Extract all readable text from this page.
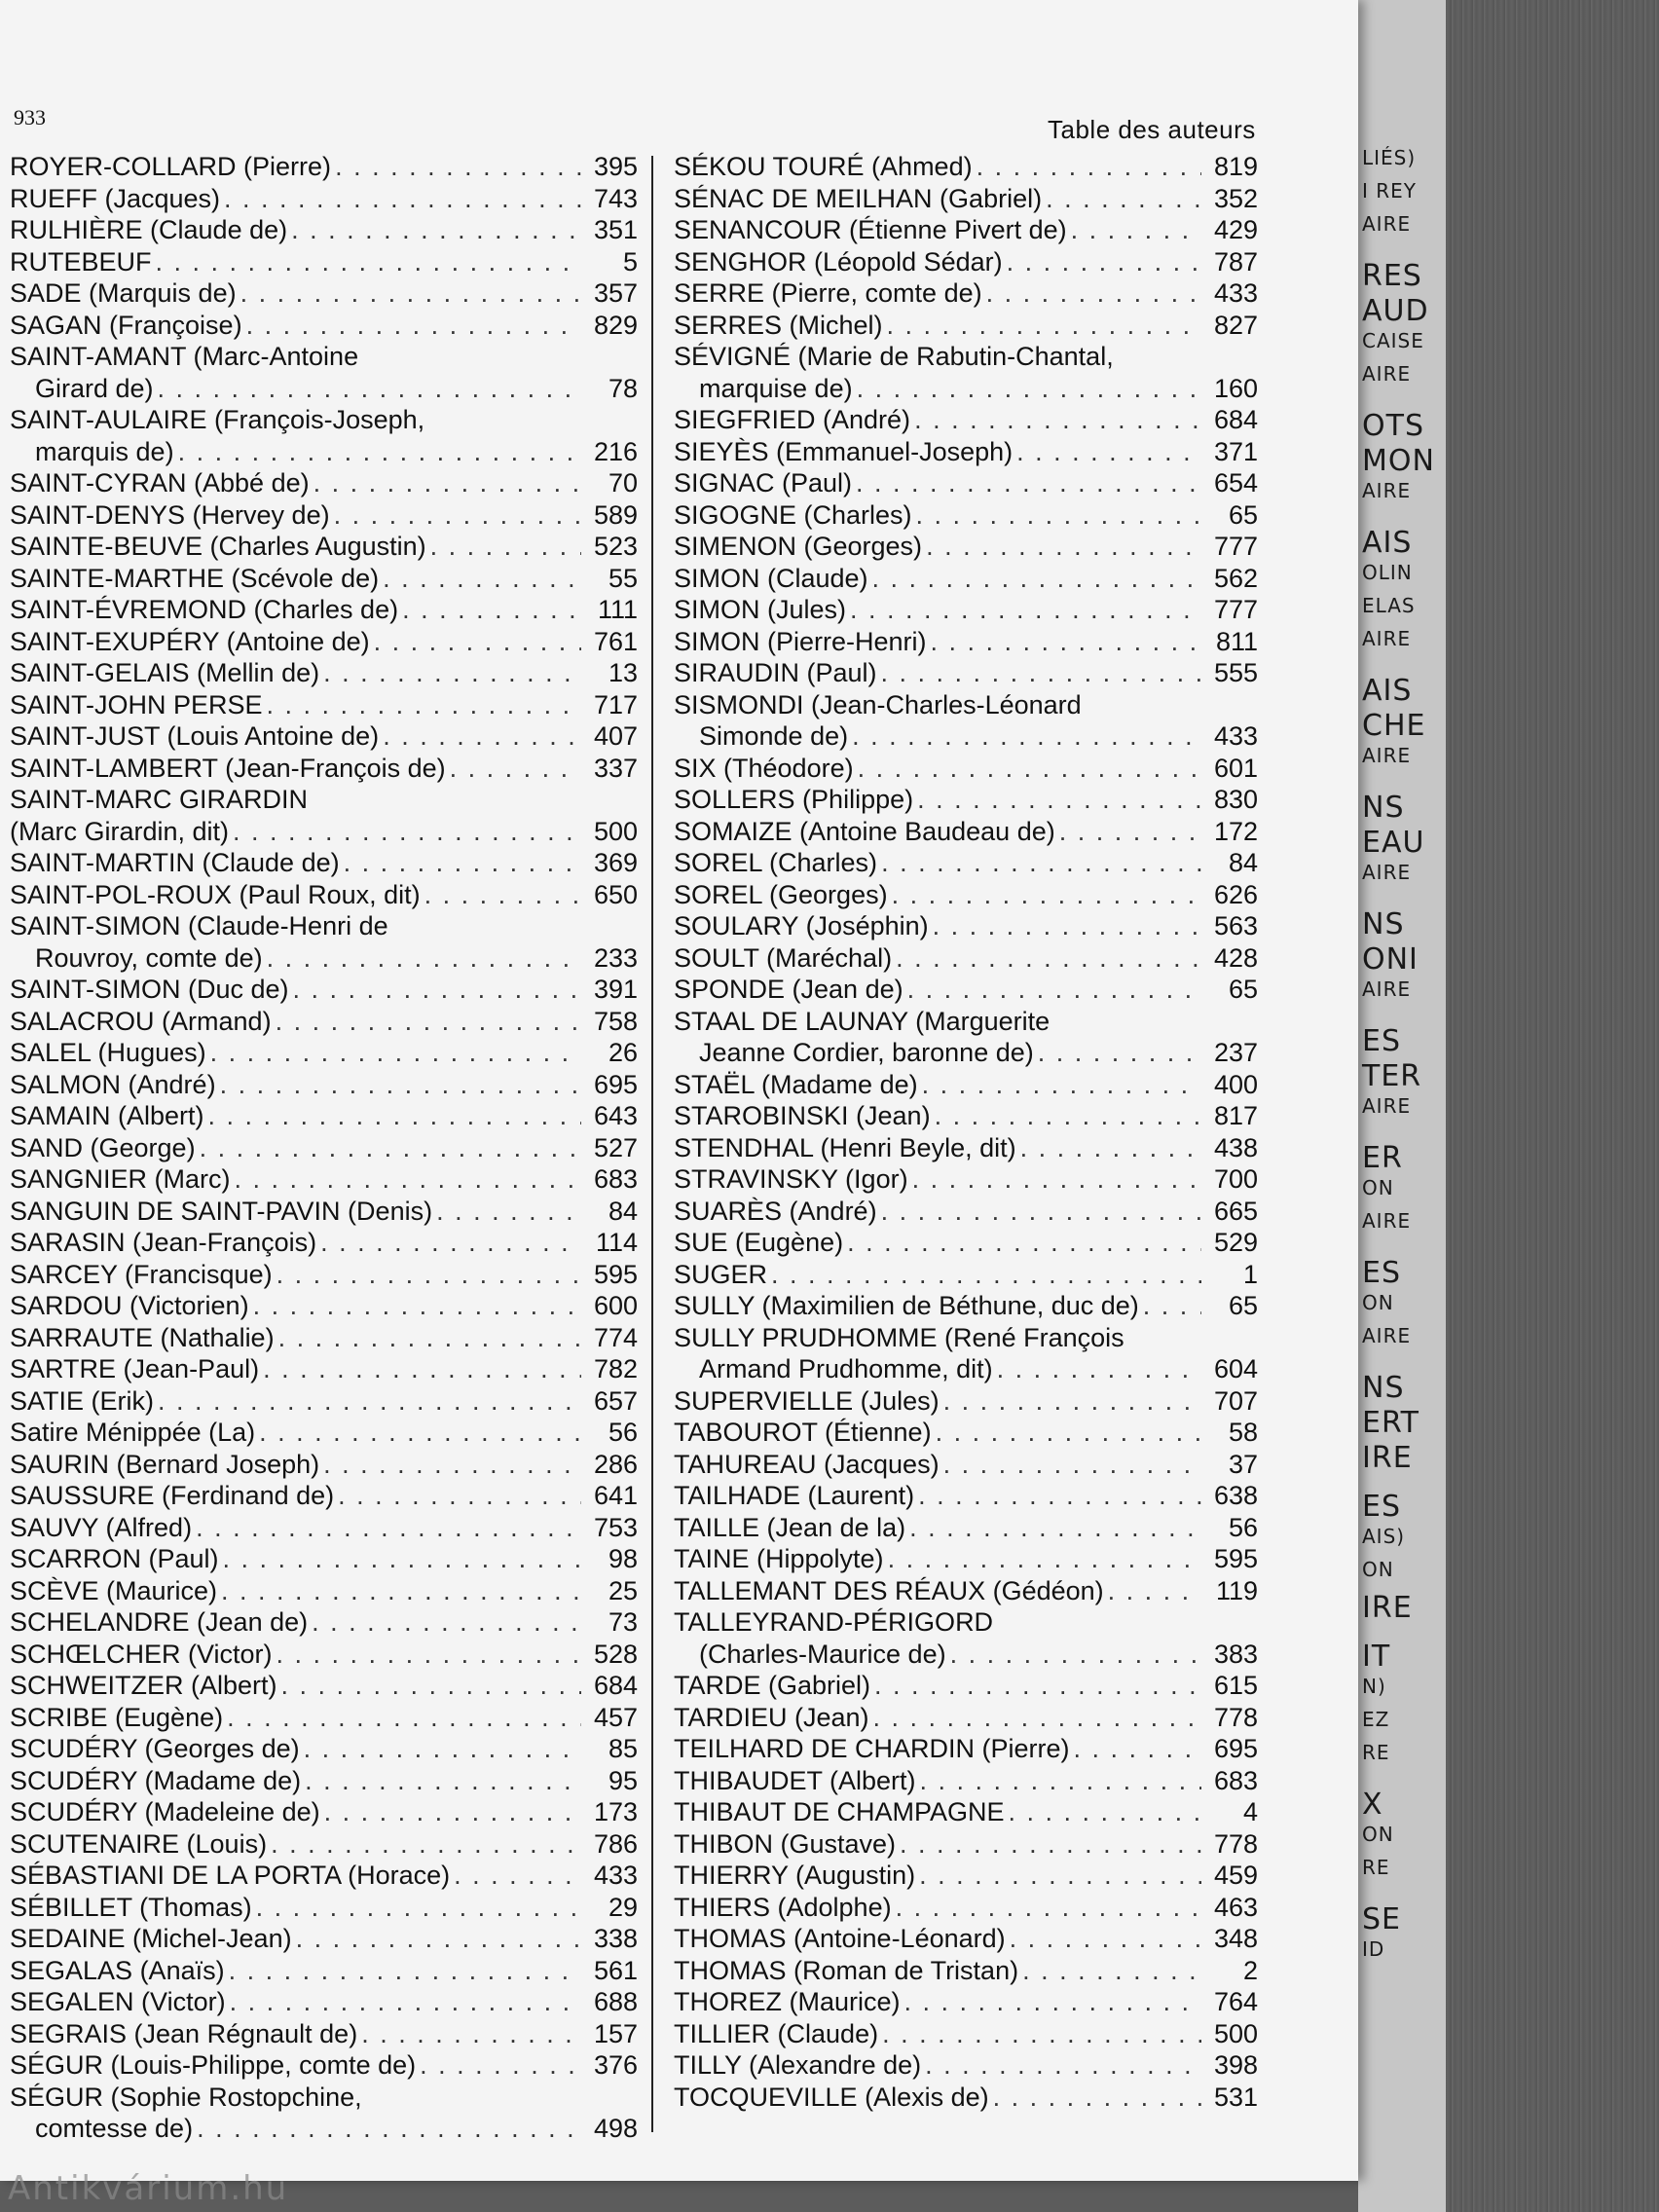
LIÉS)
I REY
AIRE
RES
AUD
CAISE
AIRE
OTS
MON
AIRE
AIS
OLIN
ELAS
AIRE
AIS
CHE
AIRE
NS
EAU
AIRE
NS
ONI
AIRE
ES
TER
AIRE
ER
ON
AIRE
ES
ON
AIRE
NS
ERT
IRE
ES
AIS)
ON
IRE
IT
N)
EZ
RE
X
ON
RE
SE
ID
933	Table des auteurs
ROYER-COLLARD (Pierre) . . .	395
RUEFF (Jacques) . . .	743
RULHIÈRE (Claude de) . . .	351
RUTEBEUF . . .	5
SADE (Marquis de) . . .	357
SAGAN (Françoise) . . .	829
SAINT-AMANT (Marc-Antoine
Girard de) . . .	78
SAINT-AULAIRE (François-Joseph,
marquis de) . . .	216
SAINT-CYRAN (Abbé de) . . .	70
SAINT-DENYS (Hervey de) . . .	589
SAINTE-BEUVE (Charles Augustin) . . .	523
SAINTE-MARTHE (Scévole de) . . .	55
SAINT-ÉVREMOND (Charles de) . . .	111
SAINT-EXUPÉRY (Antoine de) . . .	761
SAINT-GELAIS (Mellin de) . . .	13
SAINT-JOHN PERSE . . .	717
SAINT-JUST (Louis Antoine de) . . .	407
SAINT-LAMBERT (Jean-François de) . . .	337
SAINT-MARC GIRARDIN
(Marc Girardin, dit) . . .	500
SAINT-MARTIN (Claude de) . . .	369
SAINT-POL-ROUX (Paul Roux, dit) . . .	650
SAINT-SIMON (Claude-Henri de
Rouvroy, comte de) . . .	233
SAINT-SIMON (Duc de) . . .	391
SALACROU (Armand) . . .	758
SALEL (Hugues) . . .	26
SALMON (André) . . .	695
SAMAIN (Albert) . . .	643
SAND (George) . . .	527
SANGNIER (Marc) . . .	683
SANGUIN DE SAINT-PAVIN (Denis) . . .	84
SARASIN (Jean-François) . . .	114
SARCEY (Francisque) . . .	595
SARDOU (Victorien) . . .	600
SARRAUTE (Nathalie) . . .	774
SARTRE (Jean-Paul) . . .	782
SATIE (Erik) . . .	657
Satire Ménippée (La) . . .	56
SAURIN (Bernard Joseph) . . .	286
SAUSSURE (Ferdinand de) . . .	641
SAUVY (Alfred) . . .	753
SCARRON (Paul) . . .	98
SCÈVE (Maurice) . . .	25
SCHELANDRE (Jean de) . . .	73
SCHŒLCHER (Victor) . . .	528
SCHWEITZER (Albert) . . .	684
SCRIBE (Eugène) . . .	457
SCUDÉRY (Georges de) . . .	85
SCUDÉRY (Madame de) . . .	95
SCUDÉRY (Madeleine de) . . .	173
SCUTENAIRE (Louis) . . .	786
SÉBASTIANI DE LA PORTA (Horace) . . .	433
SÉBILLET (Thomas) . . .	29
SEDAINE (Michel-Jean) . . .	338
SEGALAS (Anaïs) . . .	561
SEGALEN (Victor) . . .	688
SEGRAIS (Jean Régnault de) . . .	157
SÉGUR (Louis-Philippe, comte de) . . .	376
SÉGUR (Sophie Rostopchine,
comtesse de) . . .	498
SÉKOU TOURÉ (Ahmed) . . .	819
SÉNAC DE MEILHAN (Gabriel) . . .	352
SENANCOUR (Étienne Pivert de) . . .	429
SENGHOR (Léopold Sédar) . . .	787
SERRE (Pierre, comte de) . . .	433
SERRES (Michel) . . .	827
SÉVIGNÉ (Marie de Rabutin-Chantal,
marquise de) . . .	160
SIEGFRIED (André) . . .	684
SIEYÈS (Emmanuel-Joseph) . . .	371
SIGNAC (Paul) . . .	654
SIGOGNE (Charles) . . .	65
SIMENON (Georges) . . .	777
SIMON (Claude) . . .	562
SIMON (Jules) . . .	777
SIMON (Pierre-Henri) . . .	811
SIRAUDIN (Paul) . . .	555
SISMONDI (Jean-Charles-Léonard
Simonde de) . . .	433
SIX (Théodore) . . .	601
SOLLERS (Philippe) . . .	830
SOMAIZE (Antoine Baudeau de) . . .	172
SOREL (Charles) . . .	84
SOREL (Georges) . . .	626
SOULARY (Joséphin) . . .	563
SOULT (Maréchal) . . .	428
SPONDE (Jean de) . . .	65
STAAL DE LAUNAY (Marguerite
Jeanne Cordier, baronne de) . . .	237
STAËL (Madame de) . . .	400
STAROBINSKI (Jean) . . .	817
STENDHAL (Henri Beyle, dit) . . .	438
STRAVINSKY (Igor) . . .	700
SUARÈS (André) . . .	665
SUE (Eugène) . . .	529
SUGER . . .	1
SULLY (Maximilien de Béthune, duc de) . . .	65
SULLY PRUDHOMME (René François
Armand Prudhomme, dit) . . .	604
SUPERVIELLE (Jules) . . .	707
TABOUROT (Étienne) . . .	58
TAHUREAU (Jacques) . . .	37
TAILHADE (Laurent) . . .	638
TAILLE (Jean de la) . . .	56
TAINE (Hippolyte) . . .	595
TALLEMANT DES RÉAUX (Gédéon) . . .	119
TALLEYRAND-PÉRIGORD
(Charles-Maurice de) . . .	383
TARDE (Gabriel) . . .	615
TARDIEU (Jean) . . .	778
TEILHARD DE CHARDIN (Pierre) . . .	695
THIBAUDET (Albert) . . .	683
THIBAUT DE CHAMPAGNE . . .	4
THIBON (Gustave) . . .	778
THIERRY (Augustin) . . .	459
THIERS (Adolphe) . . .	463
THOMAS (Antoine-Léonard) . . .	348
THOMAS (Roman de Tristan) . . .	2
THOREZ (Maurice) . . .	764
TILLIER (Claude) . . .	500
TILLY (Alexandre de) . . .	398
TOCQUEVILLE (Alexis de) . . .	531
Antikvárium.hu
